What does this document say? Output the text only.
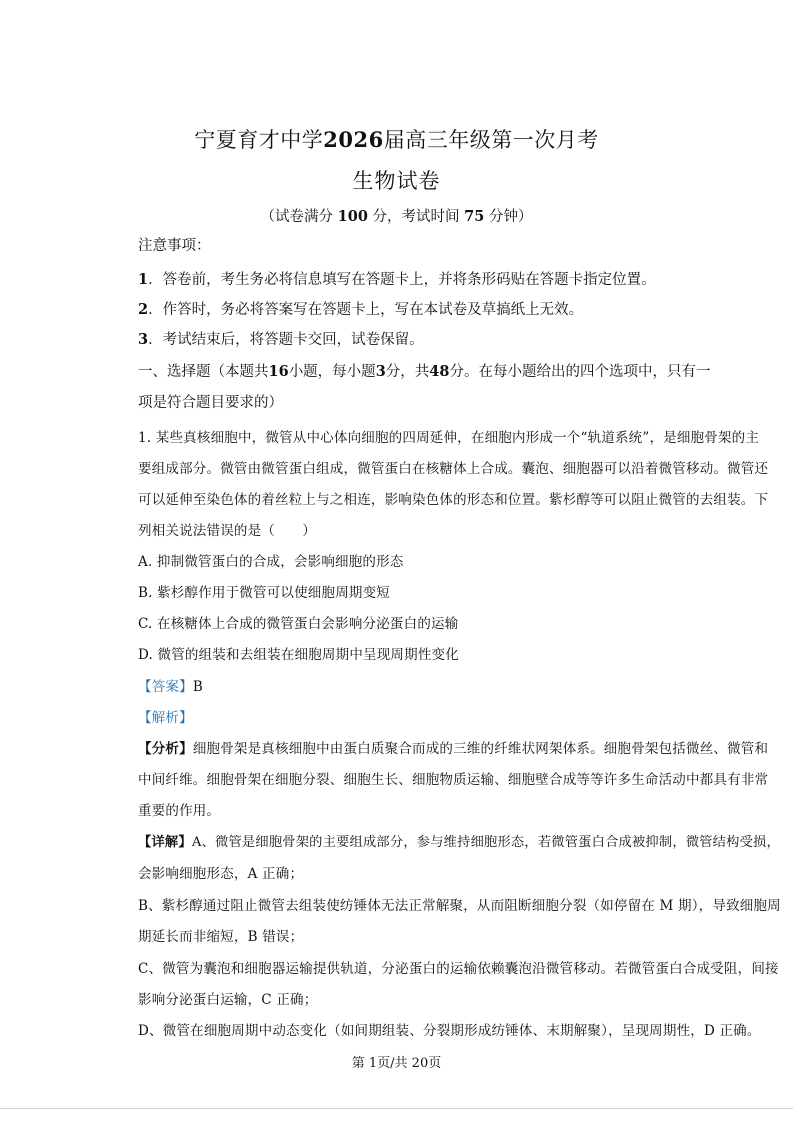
宁夏育才中学2026届高三年级第一次月考
生物试卷
（试卷满分 100 分，考试时间 75 分钟）
注意事项：
1．答卷前，考生务必将信息填写在答题卡上，并将条形码贴在答题卡指定位置。
2．作答时，务必将答案写在答题卡上，写在本试卷及草搞纸上无效。
3．考试结束后，将答题卡交回，试卷保留。
一、选择题（本题共16小题，每小题3分，共48分。在每小题给出的四个选项中，只有一
项是符合题目要求的）
1. 某些真核细胞中，微管从中心体向细胞的四周延伸，在细胞内形成一个“轨道系统”，是细胞骨架的主
要组成部分。微管由微管蛋白组成，微管蛋白在核糖体上合成。囊泡、细胞器可以沿着微管移动。微管还
可以延伸至染色体的着丝粒上与之相连，影响染色体的形态和位置。紫杉醇等可以阻止微管的去组装。下
列相关说法错误的是（　　）
A. 抑制微管蛋白的合成，会影响细胞的形态
B. 紫杉醇作用于微管可以使细胞周期变短
C. 在核糖体上合成的微管蛋白会影响分泌蛋白的运输
D. 微管的组装和去组装在细胞周期中呈现周期性变化
【答案】B
【解析】
【分析】细胞骨架是真核细胞中由蛋白质聚合而成的三维的纤维状网架体系。细胞骨架包括微丝、微管和
中间纤维。细胞骨架在细胞分裂、细胞生长、细胞物质运输、细胞壁合成等等许多生命活动中都具有非常
重要的作用。
【详解】A、微管是细胞骨架的主要组成部分，参与维持细胞形态，若微管蛋白合成被抑制，微管结构受损，
会影响细胞形态，A 正确；
B、紫杉醇通过阻止微管去组装使纺锤体无法正常解聚，从而阻断细胞分裂（如停留在 M 期），导致细胞周
期延长而非缩短，B 错误；
C、微管为囊泡和细胞器运输提供轨道，分泌蛋白的运输依赖囊泡沿微管移动。若微管蛋白合成受阻，间接
影响分泌蛋白运输，C 正确；
D、微管在细胞周期中动态变化（如间期组装、分裂期形成纺锤体、末期解聚），呈现周期性，D 正确。
第 1页/共 20页
